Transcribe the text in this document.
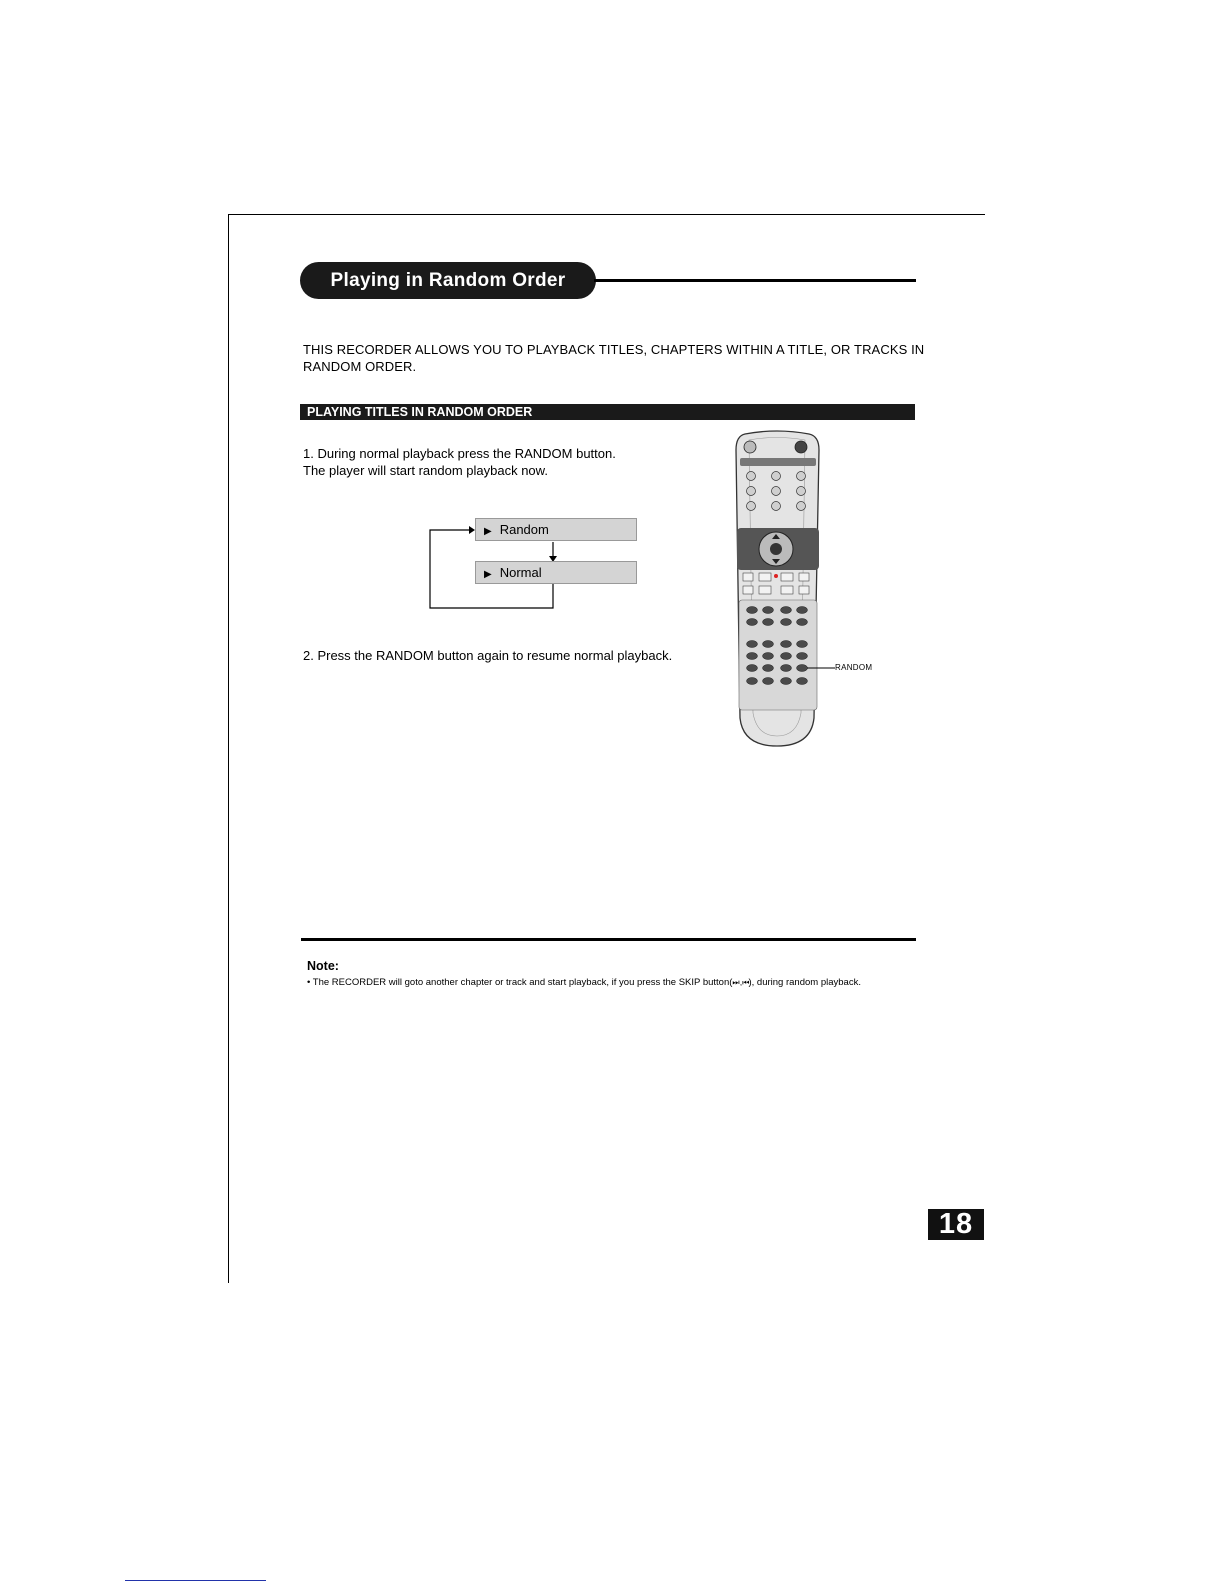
Playing in Random Order
THIS RECORDER ALLOWS YOU TO PLAYBACK TITLES, CHAPTERS WITHIN A TITLE, OR TRACKS IN RANDOM ORDER.
PLAYING TITLES IN RANDOM ORDER
1. During normal playback press the RANDOM button.
The player will start random playback now.
▶ Random
▶ Normal
2. Press the RANDOM button again to resume normal playback.
RANDOM
Note:
• The RECORDER will goto another chapter or track and start playback, if you press the SKIP button(⏭ , ⏮), during random playback.
18
